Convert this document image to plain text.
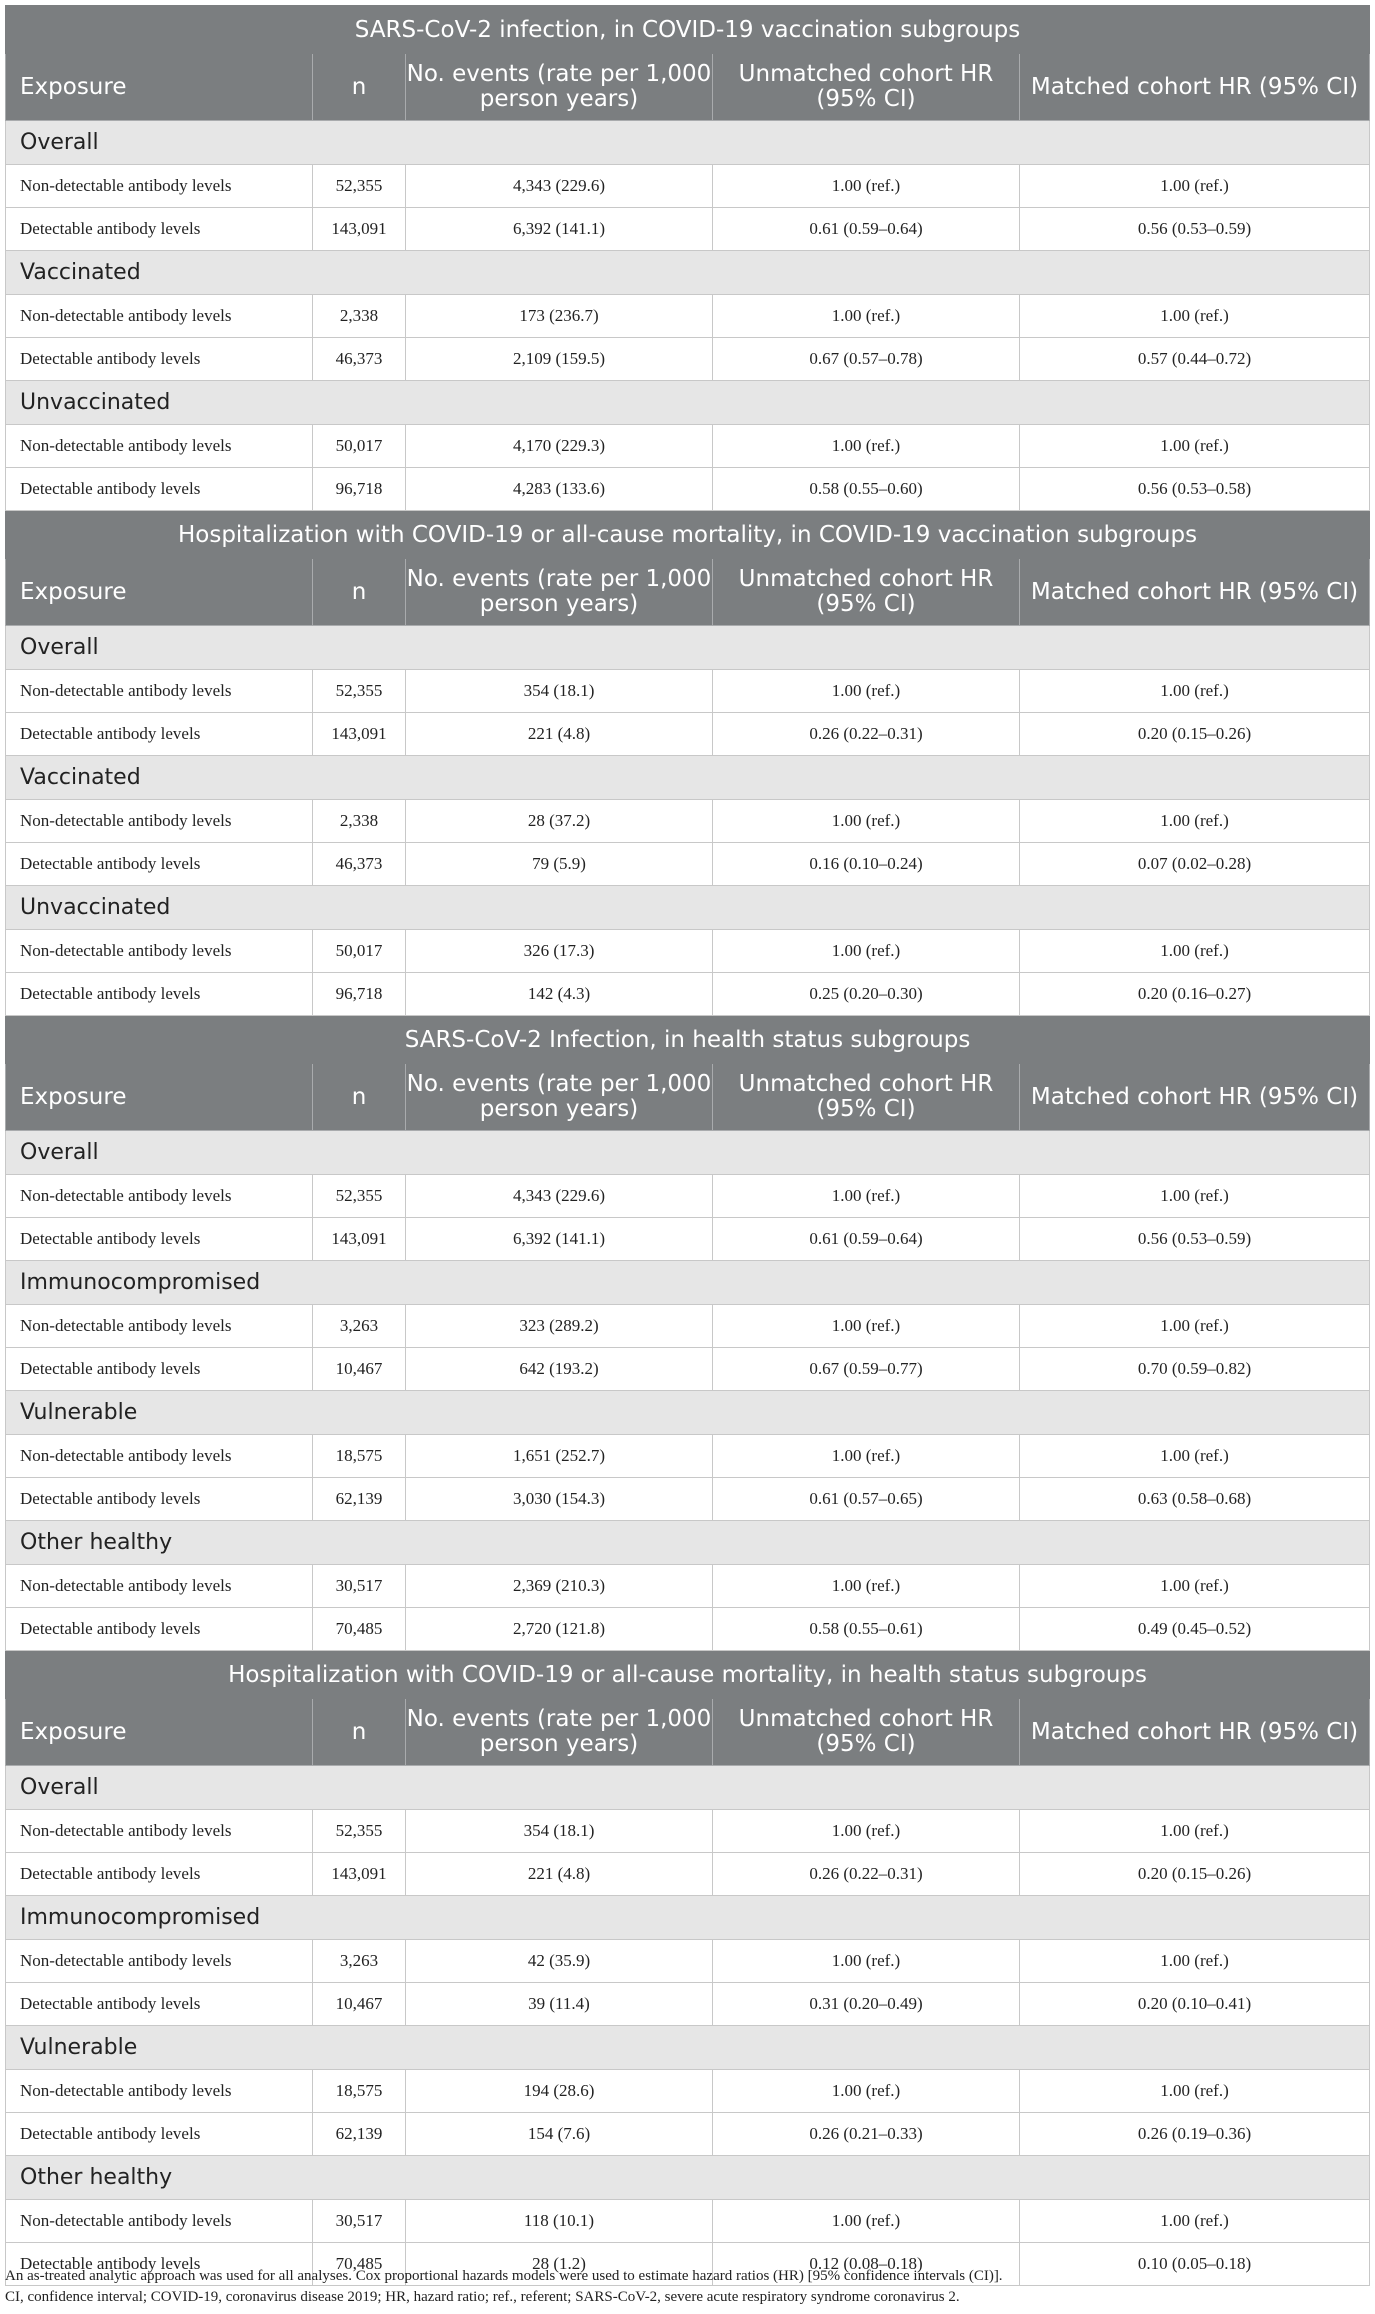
SARS-CoV-2 infection, in COVID-19 vaccination subgroups				
Exposure	n	No. events (rate per 1,000 person years)	Unmatched cohort HR (95% CI)	Matched cohort HR (95% CI)
Overall				
Non-detectable antibody levels	52,355	4,343 (229.6)	1.00 (ref.)	1.00 (ref.)
Detectable antibody levels	143,091	6,392 (141.1)	0.61 (0.59–0.64)	0.56 (0.53–0.59)
Vaccinated				
Non-detectable antibody levels	2,338	173 (236.7)	1.00 (ref.)	1.00 (ref.)
Detectable antibody levels	46,373	2,109 (159.5)	0.67 (0.57–0.78)	0.57 (0.44–0.72)
Unvaccinated				
Non-detectable antibody levels	50,017	4,170 (229.3)	1.00 (ref.)	1.00 (ref.)
Detectable antibody levels	96,718	4,283 (133.6)	0.58 (0.55–0.60)	0.56 (0.53–0.58)
Hospitalization with COVID-19 or all-cause mortality, in COVID-19 vaccination subgroups				
Exposure	n	No. events (rate per 1,000 person years)	Unmatched cohort HR (95% CI)	Matched cohort HR (95% CI)
Overall				
Non-detectable antibody levels	52,355	354 (18.1)	1.00 (ref.)	1.00 (ref.)
Detectable antibody levels	143,091	221 (4.8)	0.26 (0.22–0.31)	0.20 (0.15–0.26)
Vaccinated				
Non-detectable antibody levels	2,338	28 (37.2)	1.00 (ref.)	1.00 (ref.)
Detectable antibody levels	46,373	79 (5.9)	0.16 (0.10–0.24)	0.07 (0.02–0.28)
Unvaccinated				
Non-detectable antibody levels	50,017	326 (17.3)	1.00 (ref.)	1.00 (ref.)
Detectable antibody levels	96,718	142 (4.3)	0.25 (0.20–0.30)	0.20 (0.16–0.27)
SARS-CoV-2 Infection, in health status subgroups				
Exposure	n	No. events (rate per 1,000 person years)	Unmatched cohort HR (95% CI)	Matched cohort HR (95% CI)
Overall				
Non-detectable antibody levels	52,355	4,343 (229.6)	1.00 (ref.)	1.00 (ref.)
Detectable antibody levels	143,091	6,392 (141.1)	0.61 (0.59–0.64)	0.56 (0.53–0.59)
Immunocompromised				
Non-detectable antibody levels	3,263	323 (289.2)	1.00 (ref.)	1.00 (ref.)
Detectable antibody levels	10,467	642 (193.2)	0.67 (0.59–0.77)	0.70 (0.59–0.82)
Vulnerable				
Non-detectable antibody levels	18,575	1,651 (252.7)	1.00 (ref.)	1.00 (ref.)
Detectable antibody levels	62,139	3,030 (154.3)	0.61 (0.57–0.65)	0.63 (0.58–0.68)
Other healthy				
Non-detectable antibody levels	30,517	2,369 (210.3)	1.00 (ref.)	1.00 (ref.)
Detectable antibody levels	70,485	2,720 (121.8)	0.58 (0.55–0.61)	0.49 (0.45–0.52)
Hospitalization with COVID-19 or all-cause mortality, in health status subgroups				
Exposure	n	No. events (rate per 1,000 person years)	Unmatched cohort HR (95% CI)	Matched cohort HR (95% CI)
Overall				
Non-detectable antibody levels	52,355	354 (18.1)	1.00 (ref.)	1.00 (ref.)
Detectable antibody levels	143,091	221 (4.8)	0.26 (0.22–0.31)	0.20 (0.15–0.26)
Immunocompromised				
Non-detectable antibody levels	3,263	42 (35.9)	1.00 (ref.)	1.00 (ref.)
Detectable antibody levels	10,467	39 (11.4)	0.31 (0.20–0.49)	0.20 (0.10–0.41)
Vulnerable				
Non-detectable antibody levels	18,575	194 (28.6)	1.00 (ref.)	1.00 (ref.)
Detectable antibody levels	62,139	154 (7.6)	0.26 (0.21–0.33)	0.26 (0.19–0.36)
Other healthy				
Non-detectable antibody levels	30,517	118 (10.1)	1.00 (ref.)	1.00 (ref.)
Detectable antibody levels	70,485	28 (1.2)	0.12 (0.08–0.18)	0.10 (0.05–0.18)
An as-treated analytic approach was used for all analyses. Cox proportional hazards models were used to estimate hazard ratios (HR) [95% confidence intervals (CI)].
CI, confidence interval; COVID-19, coronavirus disease 2019; HR, hazard ratio; ref., referent; SARS-CoV-2, severe acute respiratory syndrome coronavirus 2.
